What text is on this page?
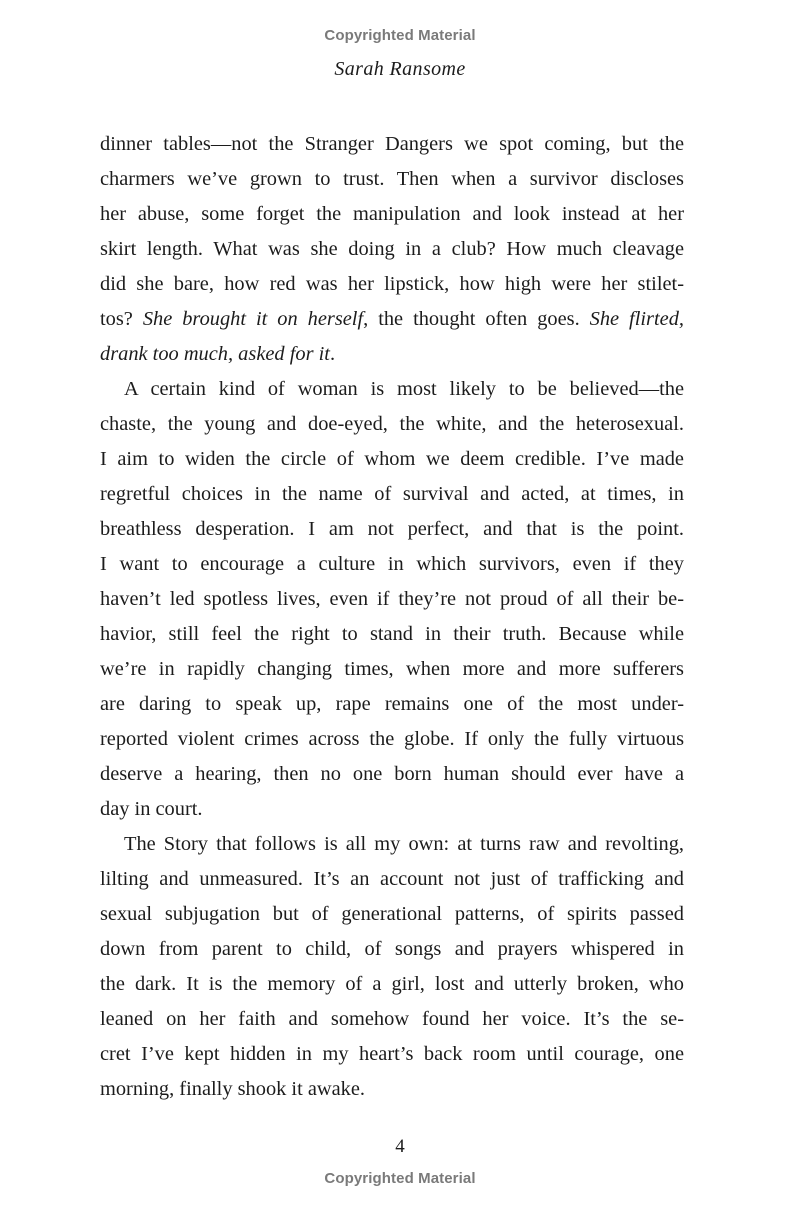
Copyrighted Material
Sarah Ransome

dinner tables—not the Stranger Dangers we spot coming, but the
charmers we’ve grown to trust. Then when a survivor discloses
her abuse, some forget the manipulation and look instead at her
skirt length. What was she doing in a club? How much cleavage
did she bare, how red was her lipstick, how high were her stilet-
tos? She brought it on herself, the thought often goes. She flirted,
drank too much, asked for it.

A certain kind of woman is most likely to be believed—the
chaste, the young and doe-eyed, the white, and the heterosexual.
I aim to widen the circle of whom we deem credible. I’ve made
regretful choices in the name of survival and acted, at times, in
breathless desperation. I am not perfect, and that is the point.
I want to encourage a culture in which survivors, even if they
haven’t led spotless lives, even if they’re not proud of all their be-
havior, still feel the right to stand in their truth. Because while
we’re in rapidly changing times, when more and more sufferers
are daring to speak up, rape remains one of the most under-
reported violent crimes across the globe. If only the fully virtuous
deserve a hearing, then no one born human should ever have a
day in court.

The Story that follows is all my own: at turns raw and revolting,
lilting and unmeasured. It’s an account not just of trafficking and
sexual subjugation but of generational patterns, of spirits passed
down from parent to child, of songs and prayers whispered in
the dark. It is the memory of a girl, lost and utterly broken, who
leaned on her faith and somehow found her voice. It’s the se-
cret I’ve kept hidden in my heart’s back room until courage, one
morning, finally shook it awake.

4
Copyrighted Material
